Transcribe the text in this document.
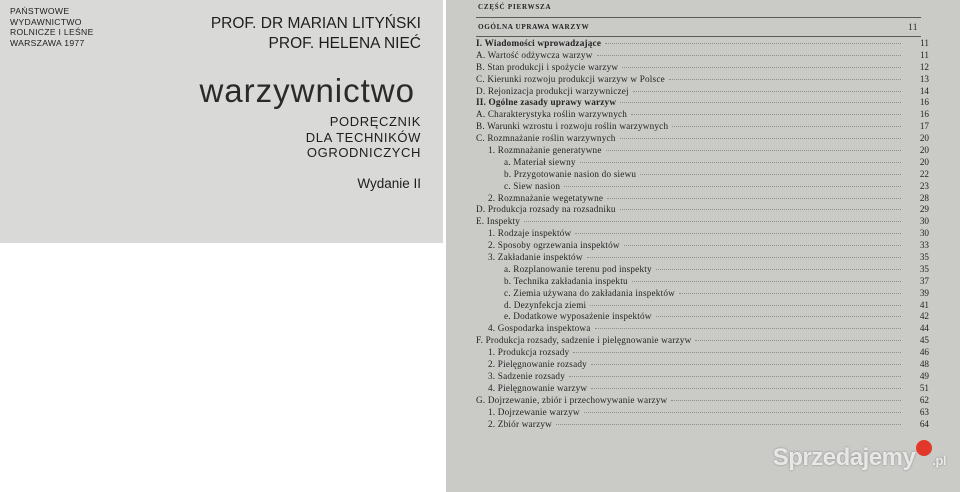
PAŃSTWOWE
WYDAWNICTWO
ROLNICZE I LEŚNE
WARSZAWA 1977
PROF. DR MARIAN LITYŃSKI
PROF. HELENA NIEĆ
warzywnictwo
PODRĘCZNIK
DLA TECHNIKÓW
OGRODNICZYCH
Wydanie II
CZĘŚĆ PIERWSZA
OGÓLNA UPRAWA WARZYW	11
I. Wiadomości wprowadzające	11
A. Wartość odżywcza warzyw	11
B. Stan produkcji i spożycie warzyw	12
C. Kierunki rozwoju produkcji warzyw w Polsce	13
D. Rejonizacja produkcji warzywniczej	14
II. Ogólne zasady uprawy warzyw	16
A. Charakterystyka roślin warzywnych	16
B. Warunki wzrostu i rozwoju roślin warzywnych	17
C. Rozmnażanie roślin warzywnych	20
1. Rozmnażanie generatywne	20
a. Materiał siewny	20
b. Przygotowanie nasion do siewu	22
c. Siew nasion	23
2. Rozmnażanie wegetatywne	28
D. Produkcja rozsady na rozsadniku	29
E. Inspekty	30
1. Rodzaje inspektów	30
2. Sposoby ogrzewania inspektów	33
3. Zakładanie inspektów	35
a. Rozplanowanie terenu pod inspekty	35
b. Technika zakładania inspektu	37
c. Ziemia używana do zakładania inspektów	39
d. Dezynfekcja ziemi	41
e. Dodatkowe wyposażenie inspektów	42
4. Gospodarka inspektowa	44
F. Produkcja rozsady, sadzenie i pielęgnowanie warzyw	45
1. Produkcja rozsady	46
2. Pielęgnowanie rozsady	48
3. Sadzenie rozsady	49
4. Pielęgnowanie warzyw	51
G. Dojrzewanie, zbiór i przechowywanie warzyw	62
1. Dojrzewanie warzyw	63
2. Zbiór warzyw	64
Sprzedajemy .pl
